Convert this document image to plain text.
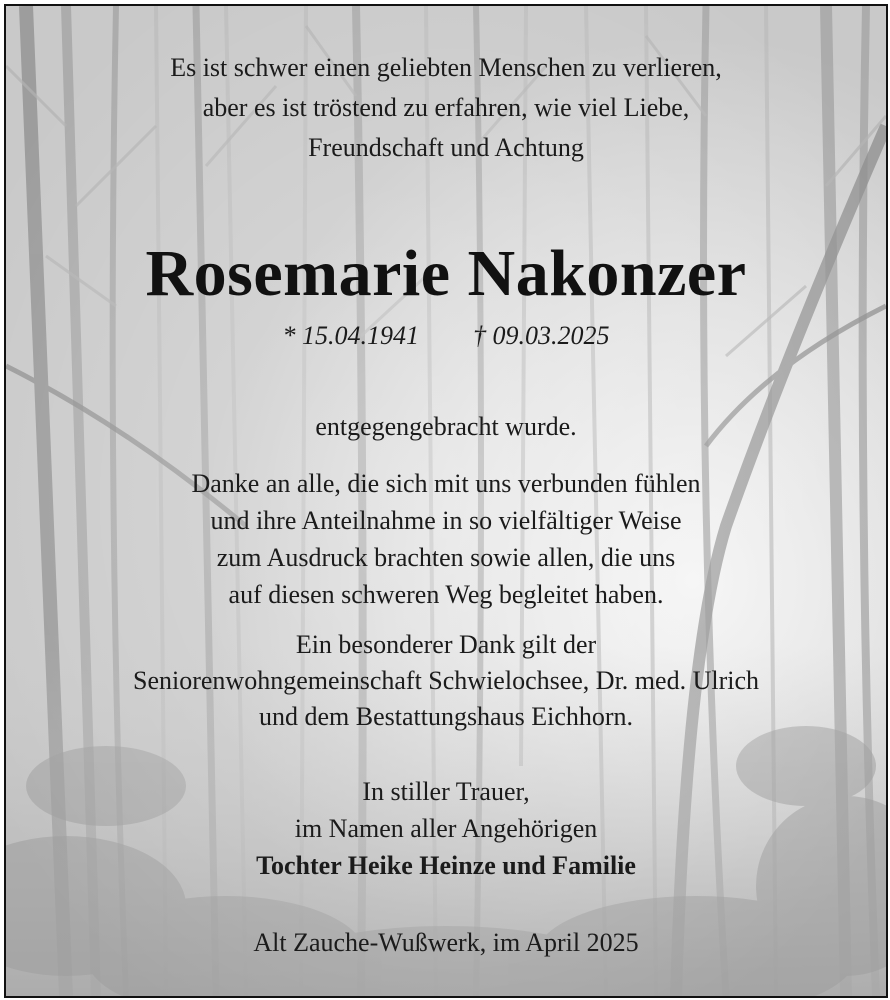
Es ist schwer einen geliebten Menschen zu verlieren,
aber es ist tröstend zu erfahren, wie viel Liebe,
Freundschaft und Achtung
Rosemarie Nakonzer
* 15.04.1941 † 09.03.2025
entgegengebracht wurde.
Danke an alle, die sich mit uns verbunden fühlen
und ihre Anteilnahme in so vielfältiger Weise
zum Ausdruck brachten sowie allen, die uns
auf diesen schweren Weg begleitet haben.
Ein besonderer Dank gilt der
Seniorenwohngemeinschaft Schwielochsee, Dr. med. Ulrich
und dem Bestattungshaus Eichhorn.
In stiller Trauer,
im Namen aller Angehörigen
Tochter Heike Heinze und Familie
Alt Zauche-Wußwerk, im April 2025
